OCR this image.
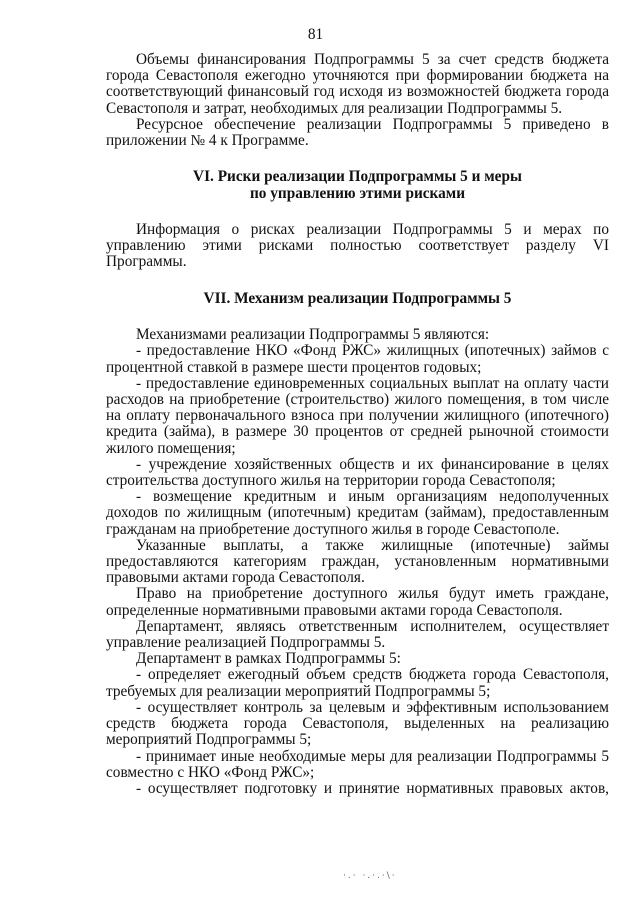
81

Объемы финансирования Подпрограммы 5 за счет средств бюджета города Севастополя ежегодно уточняются при формировании бюджета на соответствующий финансовый год исходя из возможностей бюджета города Севастополя и затрат, необходимых для реализации Подпрограммы 5.

Ресурсное обеспечение реализации Подпрограммы 5 приведено в приложении № 4 к Программе.

VI. Риски реализации Подпрограммы 5 и меры
по управлению этими рисками

Информация о рисках реализации Подпрограммы 5 и мерах по управлению этими рисками полностью соответствует разделу VI Программы.

VII. Механизм реализации Подпрограммы 5

Механизмами реализации Подпрограммы 5 являются:

- предоставление НКО «Фонд РЖС» жилищных (ипотечных) займов с процентной ставкой в размере шести процентов годовых;

- предоставление единовременных социальных выплат на оплату части расходов на приобретение (строительство) жилого помещения, в том числе на оплату первоначального взноса при получении жилищного (ипотечного) кредита (займа), в размере 30 процентов от средней рыночной стоимости жилого помещения;

- учреждение хозяйственных обществ и их финансирование в целях строительства доступного жилья на территории города Севастополя;

- возмещение кредитным и иным организациям недополученных доходов по жилищным (ипотечным) кредитам (займам), предоставленным гражданам на приобретение доступного жилья в городе Севастополе.

Указанные выплаты, а также жилищные (ипотечные) займы предоставляются категориям граждан, установленным нормативными правовыми актами города Севастополя.

Право на приобретение доступного жилья будут иметь граждане, определенные нормативными правовыми актами города Севастополя.

Департамент, являясь ответственным исполнителем, осуществляет управление реализацией Подпрограммы 5.

Департамент в рамках Подпрограммы 5:

- определяет ежегодный объем средств бюджета города Севастополя, требуемых для реализации мероприятий Подпрограммы 5;

- осуществляет контроль за целевым и эффективным использованием средств бюджета города Севастополя, выделенных на реализацию мероприятий Подпрограммы 5;

- принимает иные необходимые меры для реализации Подпрограммы 5 совместно с НКО «Фонд РЖС»;

- осуществляет подготовку и принятие нормативных правовых актов,

·.· ·.·.·\·
